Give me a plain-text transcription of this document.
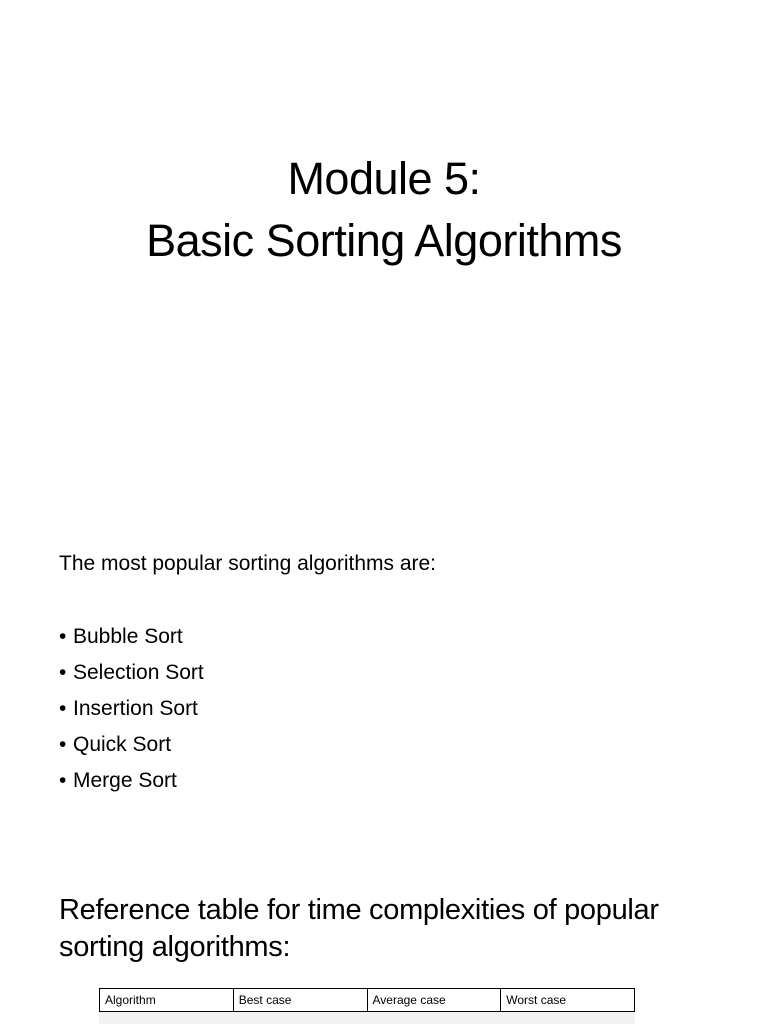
Module 5:
Basic Sorting Algorithms

The most popular sorting algorithms are:

• Bubble Sort
• Selection Sort
• Insertion Sort
• Quick Sort
• Merge Sort
Reference table for time complexities of popular sorting algorithms:
Algorithm	Best case	Average case	Worst case
